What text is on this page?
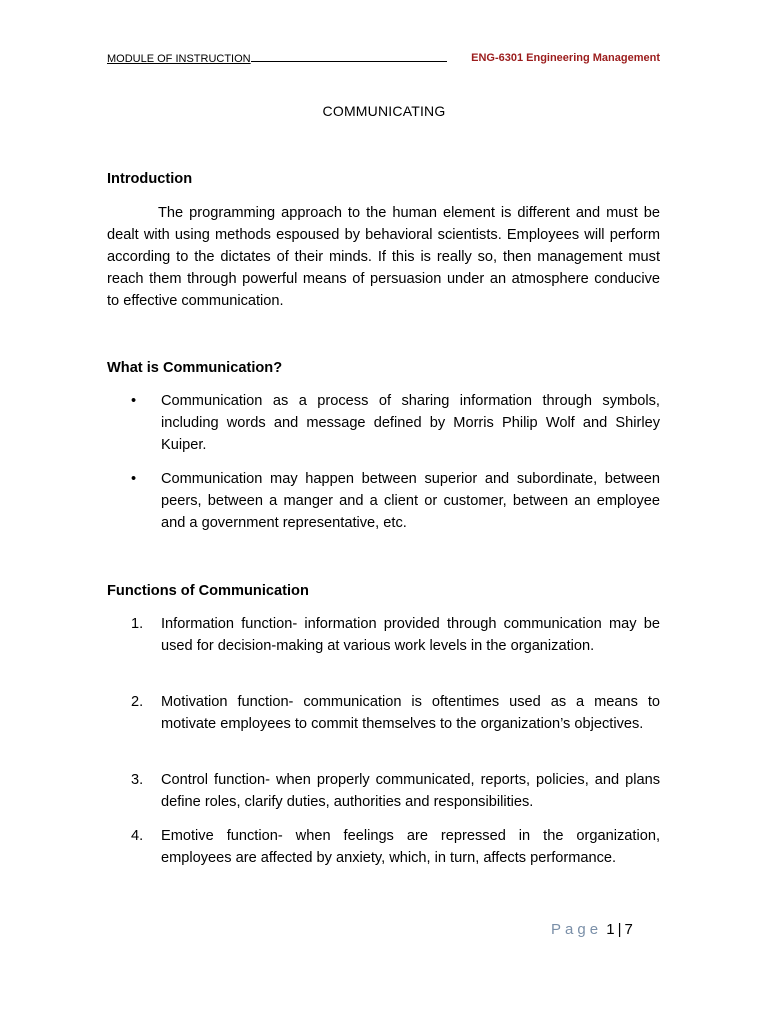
MODULE OF INSTRUCTION	ENG-6301 Engineering Management
COMMUNICATING
Introduction
The programming approach to the human element is different and must be dealt with using methods espoused by behavioral scientists. Employees will perform according to the dictates of their minds. If this is really so, then management must reach them through powerful means of persuasion under an atmosphere conducive to effective communication.
What is Communication?
• Communication as a process of sharing information through symbols, including words and message defined by Morris Philip Wolf and Shirley Kuiper.
• Communication may happen between superior and subordinate, between peers, between a manger and a client or customer, between an employee and a government representative, etc.
Functions of Communication
1. Information function- information provided through communication may be used for decision-making at various work levels in the organization.
2. Motivation function- communication is oftentimes used as a means to motivate employees to commit themselves to the organization’s objectives.
3. Control function- when properly communicated, reports, policies, and plans define roles, clarify duties, authorities and responsibilities.
4. Emotive function- when feelings are repressed in the organization, employees are affected by anxiety, which, in turn, affects performance.
Page 1 | 7
